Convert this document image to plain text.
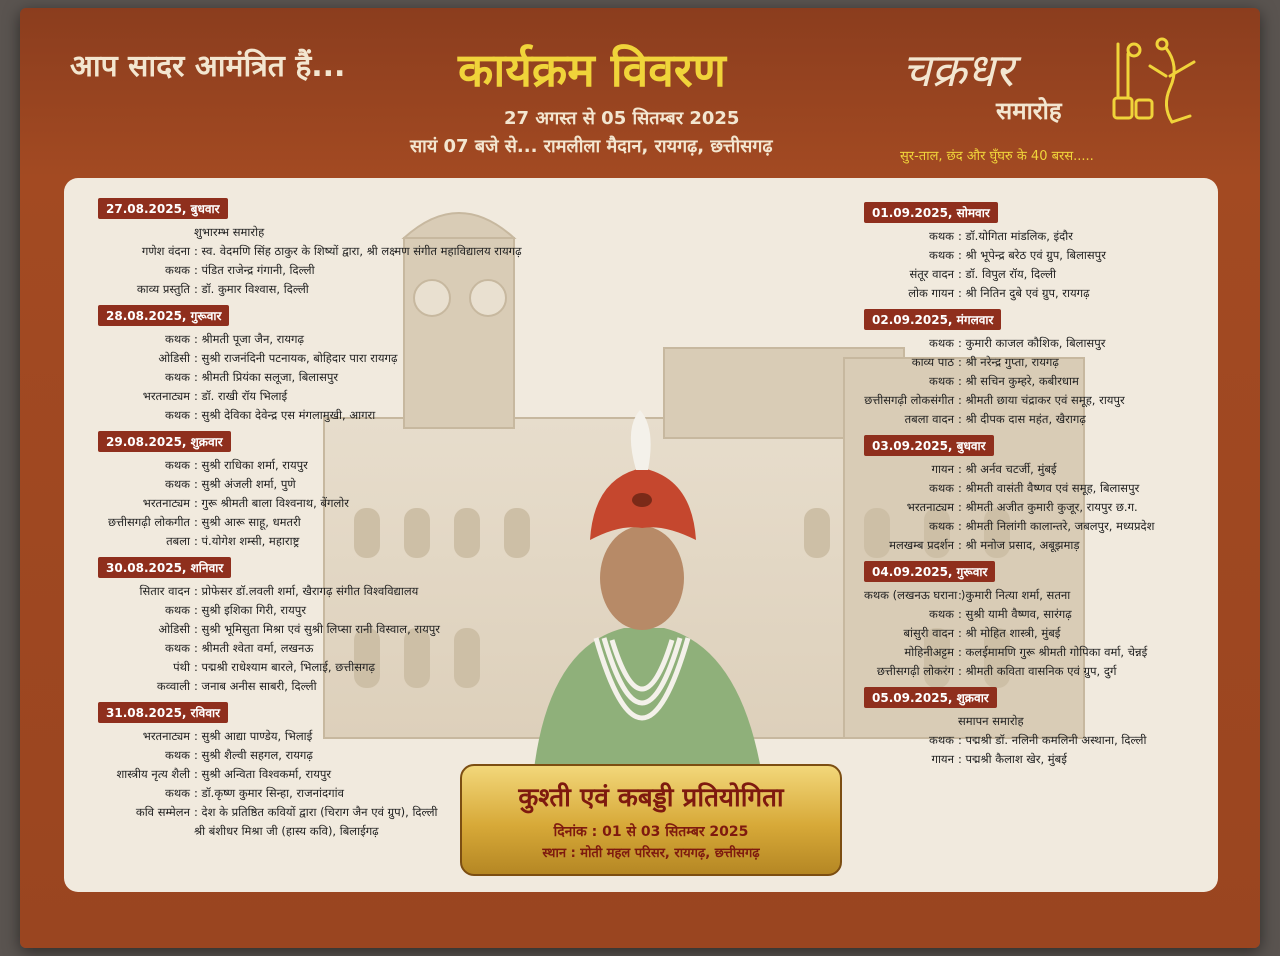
आप सादर आमंत्रित हैं... कार्यक्रम विवरण
27 अगस्त से 05 सितम्बर 2025
सायं 07 बजे से... रामलीला मैदान, रायगढ़, छत्तीसगढ़
चक्रधर
समारोह
सुर-ताल, छंद और घुँघरु के 40 बरस.....
27.08.2025, बुधवार
शुभारम्भ समारोह
गणेश वंदना : स्व. वेदमणि सिंह ठाकुर के शिष्यों द्वारा, श्री लक्ष्मण संगीत महाविद्यालय रायगढ़
कथक : पंडित राजेन्द्र गंगानी, दिल्ली
काव्य प्रस्तुति : डॉ. कुमार विश्वास, दिल्ली
28.08.2025, गुरूवार
कथक : श्रीमती पूजा जैन, रायगढ़
ओडिसी : सुश्री राजनंदिनी पटनायक, बोहिदार पारा रायगढ़
कथक : श्रीमती प्रियंका सलूजा, बिलासपुर
भरतनाट्यम : डॉ. राखी रॉय भिलाई
कथक : सुश्री देविका देवेन्द्र एस मंगलामुखी, आगरा
29.08.2025, शुक्रवार
कथक : सुश्री राधिका शर्मा, रायपुर
कथक : सुश्री अंजली शर्मा, पुणे
भरतनाट्यम : गुरू श्रीमती बाला विश्वनाथ, बेंगलोर
छत्तीसगढ़ी लोकगीत : सुश्री आरू साहू, धमतरी
तबला : पं.योगेश शम्सी, महाराष्ट्र
30.08.2025, शनिवार
सितार वादन : प्रोफेसर डॉ.लवली शर्मा, खैरागढ़ संगीत विश्वविद्यालय
कथक : सुश्री इशिका गिरी, रायपुर
ओडिसी : सुश्री भूमिसुता मिश्रा एवं सुश्री लिप्सा रानी विस्वाल, रायपुर
कथक : श्रीमती श्वेता वर्मा, लखनऊ
पंथी : पद्मश्री राधेश्याम बारले, भिलाई, छत्तीसगढ़
कव्वाली : जनाब अनीस साबरी, दिल्ली
31.08.2025, रविवार
भरतनाट्यम : सुश्री आद्या पाण्डेय, भिलाई
कथक : सुश्री शैल्वी सहगल, रायगढ़
शास्त्रीय नृत्य शैली : सुश्री अन्विता विश्वकर्मा, रायपुर
कथक : डॉ.कृष्ण कुमार सिन्हा, राजनांदगांव
कवि सम्मेलन : देश के प्रतिष्ठित कवियों द्वारा (चिराग जैन एवं ग्रुप), दिल्ली
श्री बंशीधर मिश्रा जी (हास्य कवि), बिलाईगढ़
01.09.2025, सोमवार
कथक : डॉ.योगिता मांडलिक, इंदौर
कथक : श्री भूपेन्द्र बरेठ एवं ग्रुप, बिलासपुर
संतूर वादन : डॉ. विपुल रॉय, दिल्ली
लोक गायन : श्री नितिन दुबे एवं ग्रुप, रायगढ़
02.09.2025, मंगलवार
कथक : कुमारी काजल कौशिक, बिलासपुर
काव्य पाठ : श्री नरेन्द्र गुप्ता, रायगढ़
कथक : श्री सचिन कुम्हरे, कबीरधाम
छत्तीसगढ़ी लोकसंगीत : श्रीमती छाया चंद्राकर एवं समूह, रायपुर
तबला वादन : श्री दीपक दास महंत, खैरागढ़
03.09.2025, बुधवार
गायन : श्री अर्नव चटर्जी, मुंबई
कथक : श्रीमती वासंती वैष्णव एवं समूह, बिलासपुर
भरतनाट्यम : श्रीमती अजीत कुमारी कुजूर, रायपुर छ.ग.
कथक : श्रीमती निलांगी कालान्तरे, जबलपुर, मध्यप्रदेश
मलखम्ब प्रदर्शन : श्री मनोज प्रसाद, अबूझमाड़
04.09.2025, गुरूवार
कथक (लखनऊ घराना ): कुमारी नित्या शर्मा, सतना
कथक : सुश्री यामी वैष्णव, सारंगढ़
बांसुरी वादन : श्री मोहित शास्त्री, मुंबई
मोहिनीअट्टम : कलईमामणि गुरू श्रीमती गोपिका वर्मा, चेन्नई
छत्तीसगढ़ी लोकरंग : श्रीमती कविता वासनिक एवं ग्रुप, दुर्ग
05.09.2025, शुक्रवार
समापन समारोह
कथक : पद्मश्री डॉ. नलिनी कमलिनी अस्थाना, दिल्ली
गायन : पद्मश्री कैलाश खेर, मुंबई
कुश्ती एवं कबड्डी प्रतियोगिता
दिनांक : 01 से 03 सितम्बर 2025
स्थान : मोती महल परिसर, रायगढ़, छत्तीसगढ़
